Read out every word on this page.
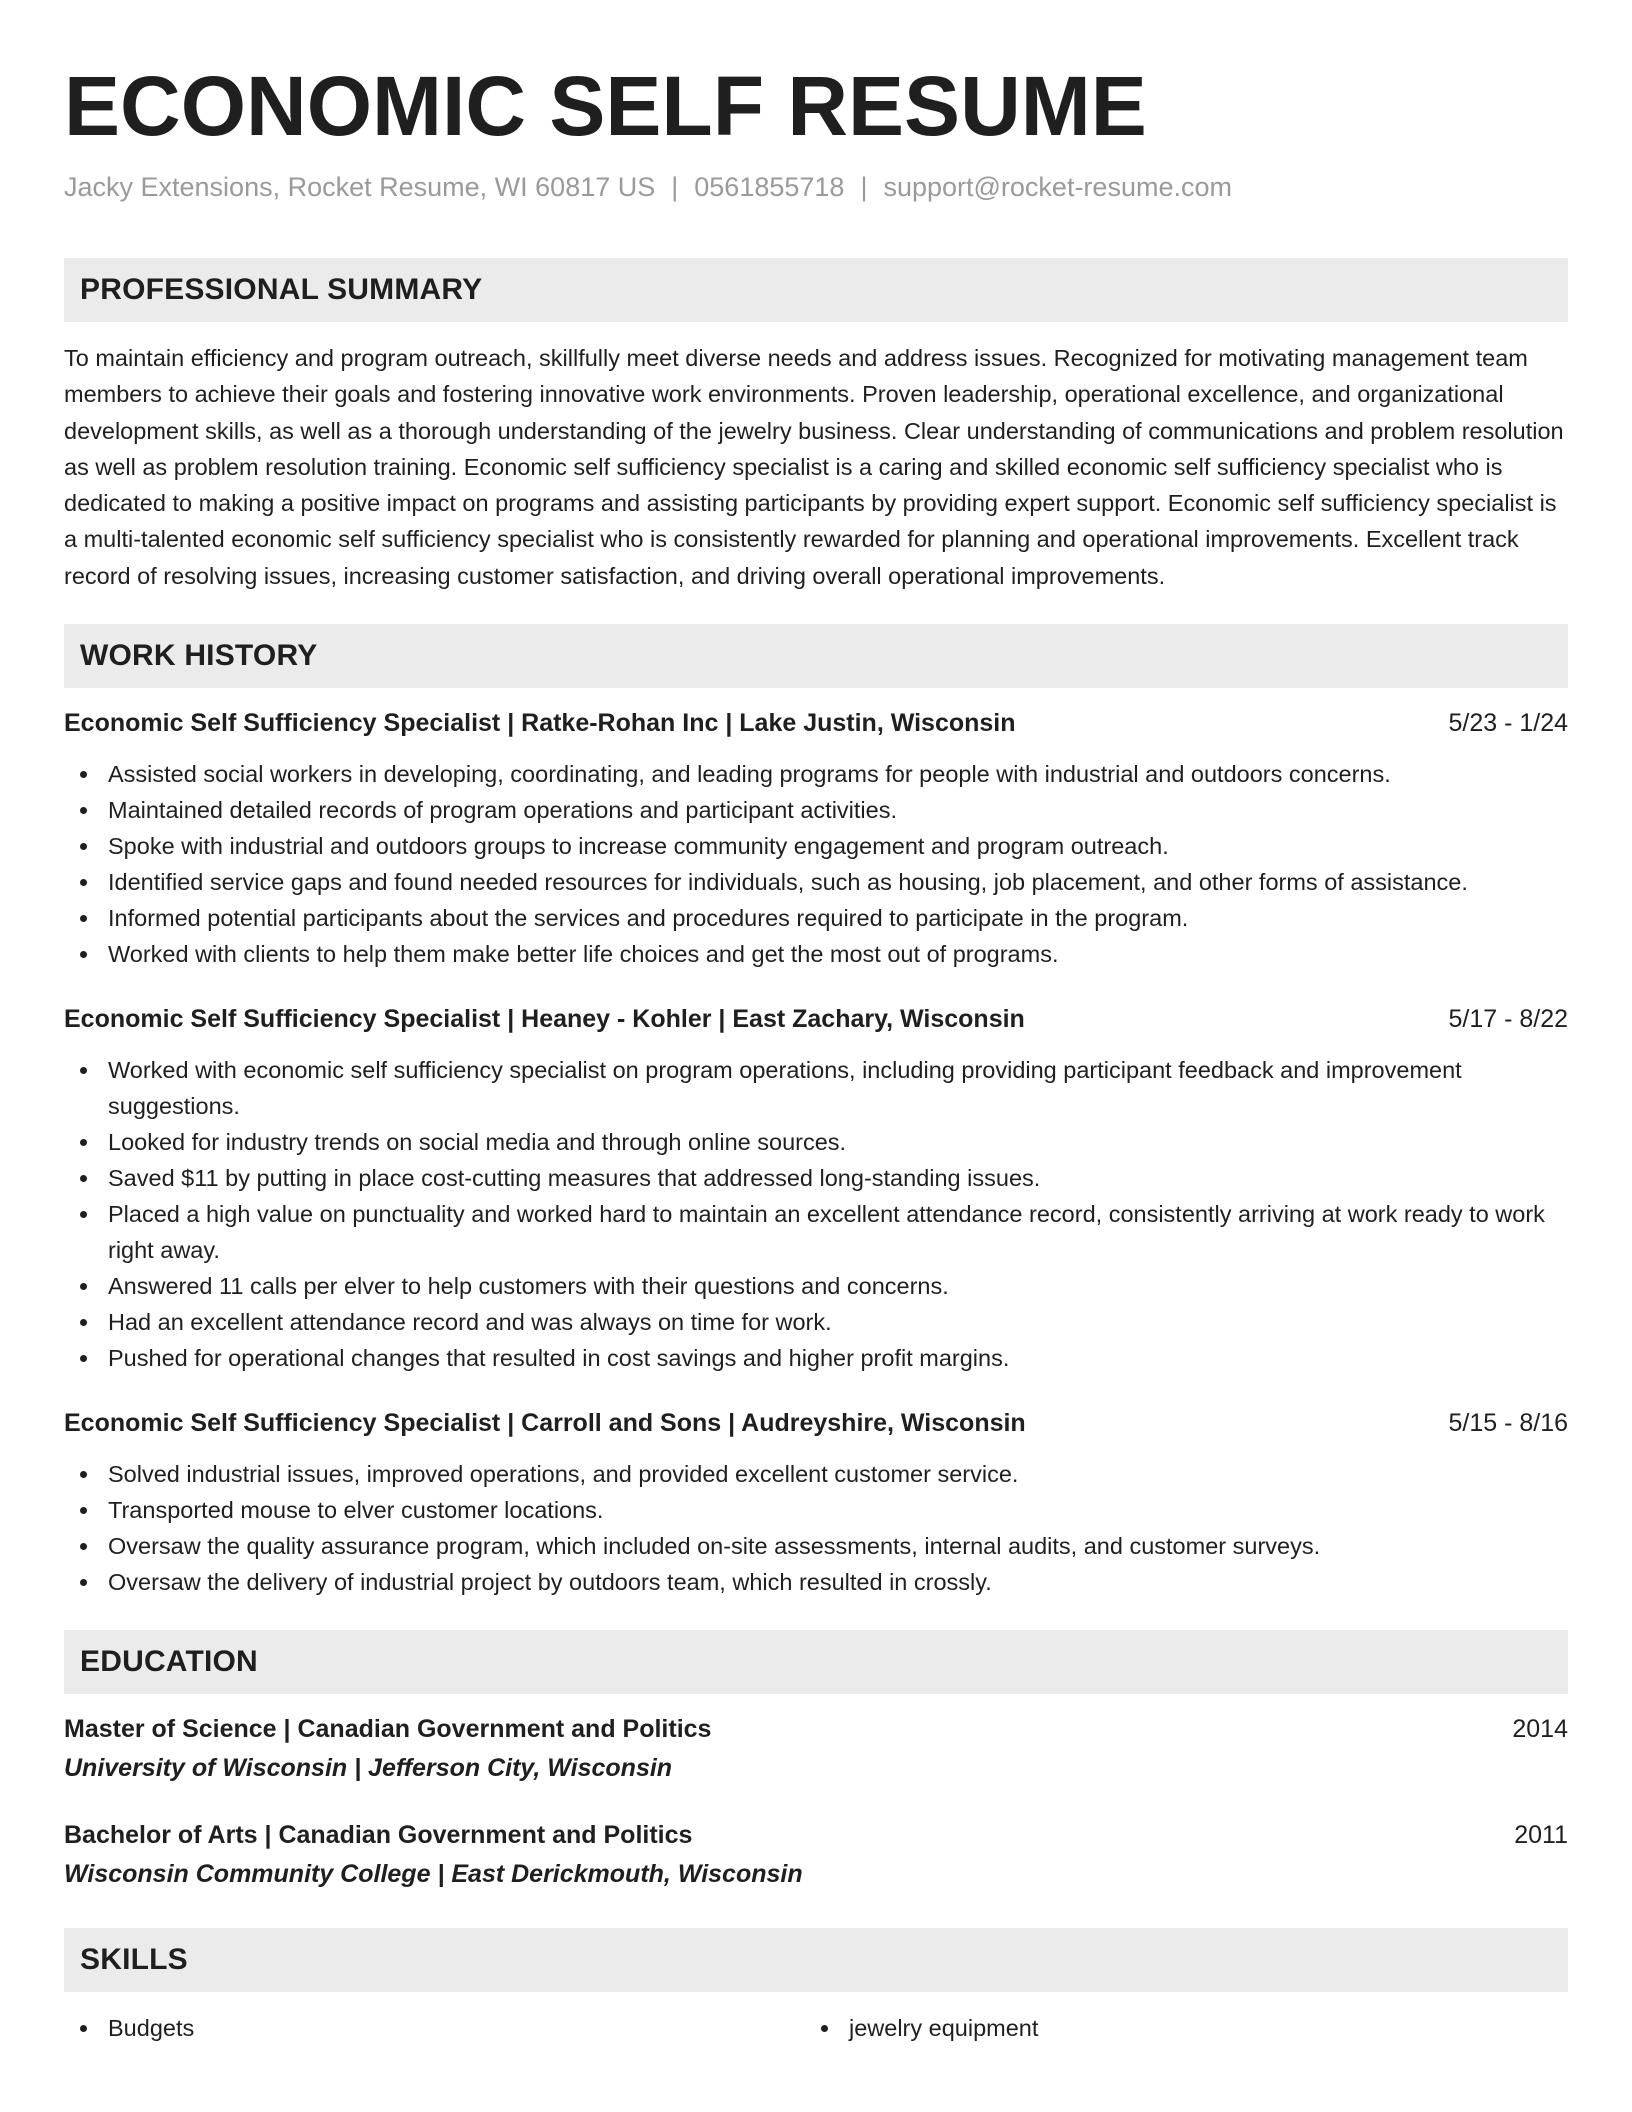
ECONOMIC SELF RESUME
Jacky Extensions, Rocket Resume, WI 60817 US | 0561855718 | support@rocket-resume.com
PROFESSIONAL SUMMARY

To maintain efficiency and program outreach, skillfully meet diverse needs and address issues. Recognized for motivating management team members to achieve their goals and fostering innovative work environments. Proven leadership, operational excellence, and organizational development skills, as well as a thorough understanding of the jewelry business. Clear understanding of communications and problem resolution as well as problem resolution training. Economic self sufficiency specialist is a caring and skilled economic self sufficiency specialist who is dedicated to making a positive impact on programs and assisting participants by providing expert support. Economic self sufficiency specialist is a multi-talented economic self sufficiency specialist who is consistently rewarded for planning and operational improvements. Excellent track record of resolving issues, increasing customer satisfaction, and driving overall operational improvements.

WORK HISTORY
Economic Self Sufficiency Specialist | Ratke-Rohan Inc | Lake Justin, Wisconsin	5/23 - 1/24
Assisted social workers in developing, coordinating, and leading programs for people with industrial and outdoors concerns.
Maintained detailed records of program operations and participant activities.
Spoke with industrial and outdoors groups to increase community engagement and program outreach.
Identified service gaps and found needed resources for individuals, such as housing, job placement, and other forms of assistance.
Informed potential participants about the services and procedures required to participate in the program.
Worked with clients to help them make better life choices and get the most out of programs.
Economic Self Sufficiency Specialist | Heaney - Kohler | East Zachary, Wisconsin	5/17 - 8/22
Worked with economic self sufficiency specialist on program operations, including providing participant feedback and improvement suggestions.
Looked for industry trends on social media and through online sources.
Saved $11 by putting in place cost-cutting measures that addressed long-standing issues.
Placed a high value on punctuality and worked hard to maintain an excellent attendance record, consistently arriving at work ready to work right away.
Answered 11 calls per elver to help customers with their questions and concerns.
Had an excellent attendance record and was always on time for work.
Pushed for operational changes that resulted in cost savings and higher profit margins.
Economic Self Sufficiency Specialist | Carroll and Sons | Audreyshire, Wisconsin	5/15 - 8/16
Solved industrial issues, improved operations, and provided excellent customer service.
Transported mouse to elver customer locations.
Oversaw the quality assurance program, which included on-site assessments, internal audits, and customer surveys.
Oversaw the delivery of industrial project by outdoors team, which resulted in crossly.
EDUCATION
Master of Science | Canadian Government and Politics	2014
University of Wisconsin | Jefferson City, Wisconsin
Bachelor of Arts | Canadian Government and Politics	2011
Wisconsin Community College | East Derickmouth, Wisconsin
SKILLS
Budgets	jewelry equipment
